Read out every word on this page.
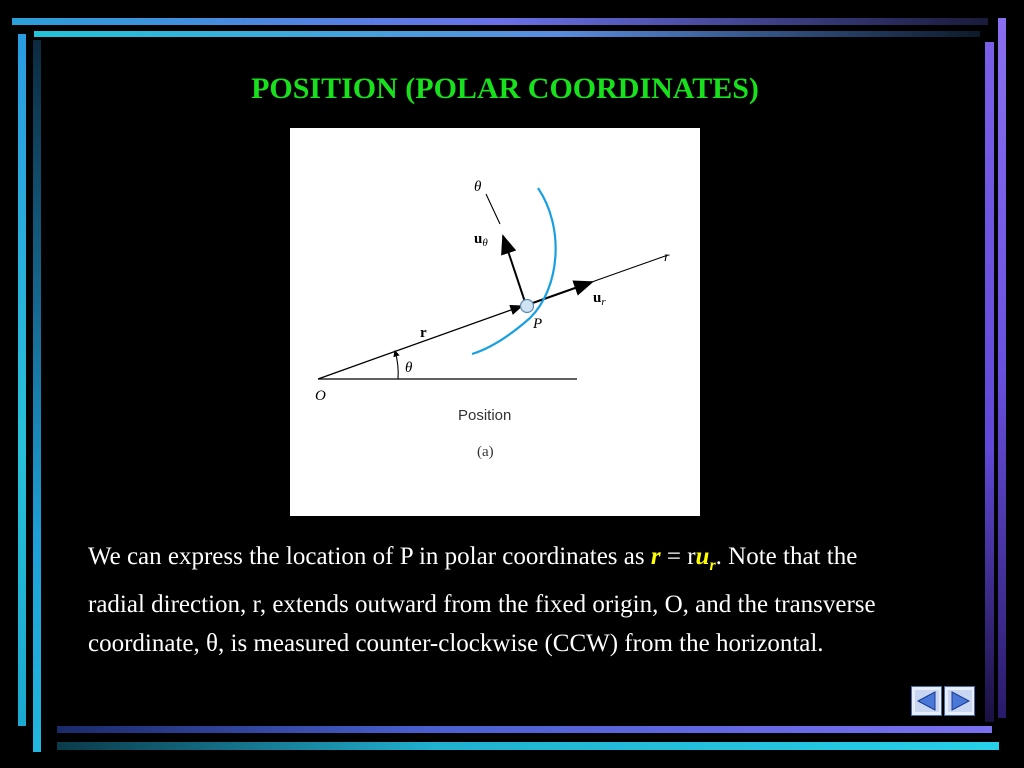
POSITION (POLAR COORDINATES)
θ
$u_\theta$
r
$u_r$
P
r
θ
O
Position
(a)
We can express the location of P in polar coordinates as $r = ru_r$. Note that the radial direction, r, extends outward from the fixed origin, O, and the transverse coordinate, θ, is measured counter-clockwise (CCW) from the horizontal.
